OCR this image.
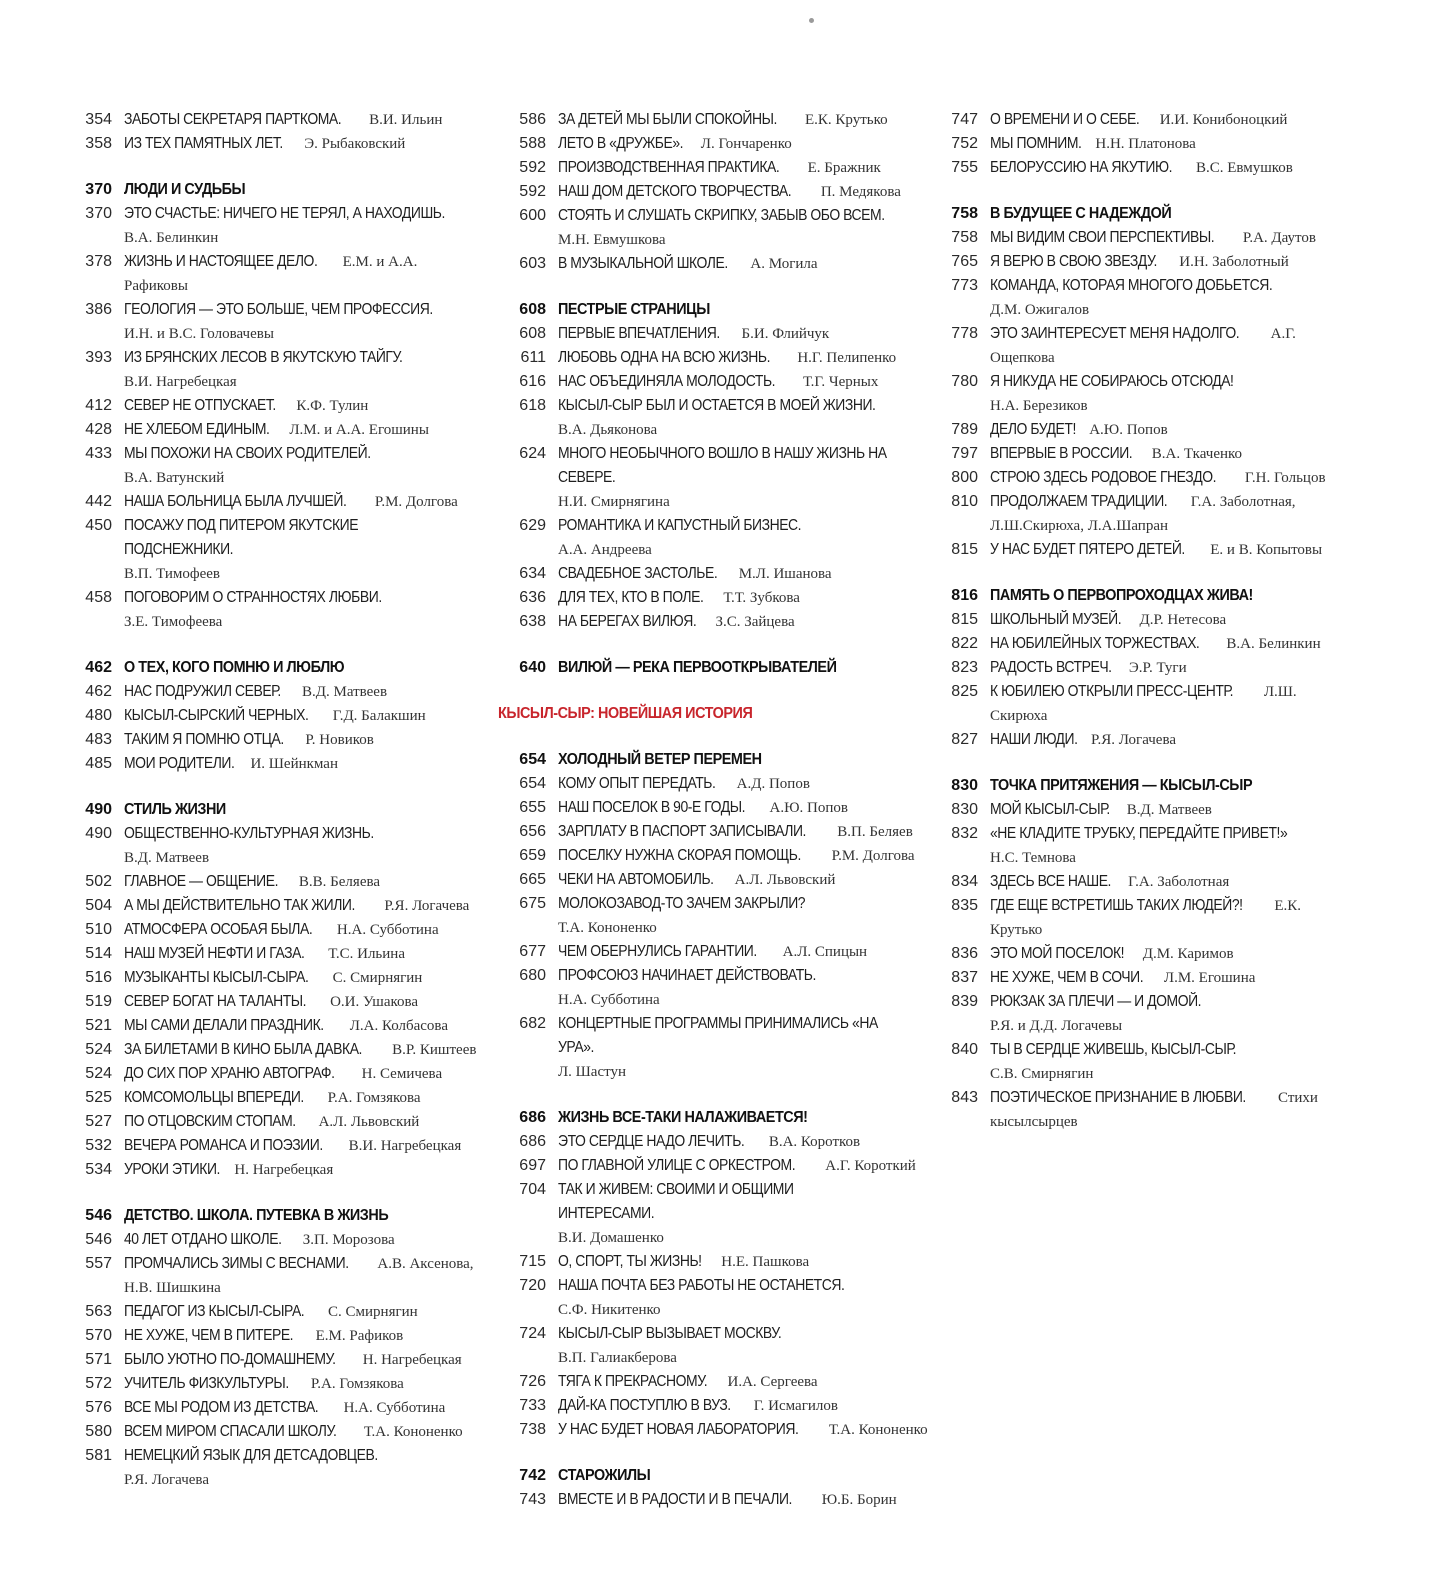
354 ЗАБОТЫ СЕКРЕТАРЯ ПАРТКОМА. В.И. Ильин
358 ИЗ ТЕХ ПАМЯТНЫХ ЛЕТ. Э. Рыбаковский
370 ЛЮДИ И СУДЬБЫ
370 ЭТО СЧАСТЬЕ: НИЧЕГО НЕ ТЕРЯЛ, А НАХОДИШЬ.
В.А. Белинкин
378 ЖИЗНЬ И НАСТОЯЩЕЕ ДЕЛО. Е.М. и А.А. Рафиковы
386 ГЕОЛОГИЯ — ЭТО БОЛЬШЕ, ЧЕМ ПРОФЕССИЯ.
И.Н. и В.С. Головачевы
393 ИЗ БРЯНСКИХ ЛЕСОВ В ЯКУТСКУЮ ТАЙГУ.
В.И. Нагребецкая
412 СЕВЕР НЕ ОТПУСКАЕТ. К.Ф. Тулин
428 НЕ ХЛЕБОМ ЕДИНЫМ. Л.М. и А.А. Егошины
433 МЫ ПОХОЖИ НА СВОИХ РОДИТЕЛЕЙ.
В.А. Ватунский
442 НАША БОЛЬНИЦА БЫЛА ЛУЧШЕЙ. Р.М. Долгова
450 ПОСАЖУ ПОД ПИТЕРОМ ЯКУТСКИЕ ПОДСНЕЖНИКИ.
В.П. Тимофеев
458 ПОГОВОРИМ О СТРАННОСТЯХ ЛЮБВИ.
З.Е. Тимофеева
462 О ТЕХ, КОГО ПОМНЮ И ЛЮБЛЮ
462 НАС ПОДРУЖИЛ СЕВЕР. В.Д. Матвеев
480 КЫСЫЛ-СЫРСКИЙ ЧЕРНЫХ. Г.Д. Балакшин
483 ТАКИМ Я ПОМНЮ ОТЦА. Р. Новиков
485 МОИ РОДИТЕЛИ. И. Шейнкман
490 СТИЛЬ ЖИЗНИ
490 ОБЩЕСТВЕННО-КУЛЬТУРНАЯ ЖИЗНЬ.
В.Д. Матвеев
502 ГЛАВНОЕ — ОБЩЕНИЕ. В.В. Беляева
504 А МЫ ДЕЙСТВИТЕЛЬНО ТАК ЖИЛИ. Р.Я. Логачева
510 АТМОСФЕРА ОСОБАЯ БЫЛА. Н.А. Субботина
514 НАШ МУЗЕЙ НЕФТИ И ГАЗА. Т.С. Ильина
516 МУЗЫКАНТЫ КЫСЫЛ-СЫРА. С. Смирнягин
519 СЕВЕР БОГАТ НА ТАЛАНТЫ. О.И. Ушакова
521 МЫ САМИ ДЕЛАЛИ ПРАЗДНИК. Л.А. Колбасова
524 ЗА БИЛЕТАМИ В КИНО БЫЛА ДАВКА. В.Р. Киштеев
524 ДО СИХ ПОР ХРАНЮ АВТОГРАФ. Н. Семичева
525 КОМСОМОЛЬЦЫ ВПЕРЕДИ. Р.А. Гомзякова
527 ПО ОТЦОВСКИМ СТОПАМ. А.Л. Львовский
532 ВЕЧЕРА РОМАНСА И ПОЭЗИИ. В.И. Нагребецкая
534 УРОКИ ЭТИКИ. Н. Нагребецкая
546 ДЕТСТВО. ШКОЛА. ПУТЕВКА В ЖИЗНЬ
546 40 ЛЕТ ОТДАНО ШКОЛЕ. З.П. Морозова
557 ПРОМЧАЛИСЬ ЗИМЫ С ВЕСНАМИ. А.В. Аксенова, Н.В. Шишкина
563 ПЕДАГОГ ИЗ КЫСЫЛ-СЫРА. С. Смирнягин
570 НЕ ХУЖЕ, ЧЕМ В ПИТЕРЕ. Е.М. Рафиков
571 БЫЛО УЮТНО ПО-ДОМАШНЕМУ. Н. Нагребецкая
572 УЧИТЕЛЬ ФИЗКУЛЬТУРЫ. Р.А. Гомзякова
576 ВСЕ МЫ РОДОМ ИЗ ДЕТСТВА. Н.А. Субботина
580 ВСЕМ МИРОМ СПАСАЛИ ШКОЛУ. Т.А. Кононенко
581 НЕМЕЦКИЙ ЯЗЫК ДЛЯ ДЕТСАДОВЦЕВ.
Р.Я. Логачева
586 ЗА ДЕТЕЙ МЫ БЫЛИ СПОКОЙНЫ. Е.К. Крутько
588 ЛЕТО В «ДРУЖБЕ». Л. Гончаренко
592 ПРОИЗВОДСТВЕННАЯ ПРАКТИКА. Е. Бражник
592 НАШ ДОМ ДЕТСКОГО ТВОРЧЕСТВА. П. Медякова
600 СТОЯТЬ И СЛУШАТЬ СКРИПКУ, ЗАБЫВ ОБО ВСЕМ.
М.Н. Евмушкова
603 В МУЗЫКАЛЬНОЙ ШКОЛЕ. А. Могила
608 ПЕСТРЫЕ СТРАНИЦЫ
608 ПЕРВЫЕ ВПЕЧАТЛЕНИЯ. Б.И. Флийчук
611 ЛЮБОВЬ ОДНА НА ВСЮ ЖИЗНЬ. Н.Г. Пелипенко
616 НАС ОБЪЕДИНЯЛА МОЛОДОСТЬ. Т.Г. Черных
618 КЫСЫЛ-СЫР БЫЛ И ОСТАЕТСЯ В МОЕЙ ЖИЗНИ.
В.А. Дьяконова
624 МНОГО НЕОБЫЧНОГО ВОШЛО В НАШУ ЖИЗНЬ НА СЕВЕРЕ. Н.И. Смирнягина
629 РОМАНТИКА И КАПУСТНЫЙ БИЗНЕС.
А.А. Андреева
634 СВАДЕБНОЕ ЗАСТОЛЬЕ. М.Л. Ишанова
636 ДЛЯ ТЕХ, КТО В ПОЛЕ. Т.Т. Зубкова
638 НА БЕРЕГАХ ВИЛЮЯ. З.С. Зайцева
640 ВИЛЮЙ — РЕКА ПЕРВООТКРЫВАТЕЛЕЙ
КЫСЫЛ-СЫР: НОВЕЙШАЯ ИСТОРИЯ
654 ХОЛОДНЫЙ ВЕТЕР ПЕРЕМЕН
654 КОМУ ОПЫТ ПЕРЕДАТЬ. А.Д. Попов
655 НАШ ПОСЕЛОК В 90-Е ГОДЫ. А.Ю. Попов
656 ЗАРПЛАТУ В ПАСПОРТ ЗАПИСЫВАЛИ. В.П. Беляев
659 ПОСЕЛКУ НУЖНА СКОРАЯ ПОМОЩЬ. Р.М. Долгова
665 ЧЕКИ НА АВТОМОБИЛЬ. А.Л. Львовский
675 МОЛОКОЗАВОД-ТО ЗАЧЕМ ЗАКРЫЛИ?
Т.А. Кононенко
677 ЧЕМ ОБЕРНУЛИСЬ ГАРАНТИИ. А.Л. Спицын
680 ПРОФСОЮЗ НАЧИНАЕТ ДЕЙСТВОВАТЬ.
Н.А. Субботина
682 КОНЦЕРТНЫЕ ПРОГРАММЫ ПРИНИМАЛИСЬ «НА УРА». Л. Шастун
686 ЖИЗНЬ ВСЕ-ТАКИ НАЛАЖИВАЕТСЯ!
686 ЭТО СЕРДЦЕ НАДО ЛЕЧИТЬ. В.А. Коротков
697 ПО ГЛАВНОЙ УЛИЦЕ С ОРКЕСТРОМ. А.Г. Короткий
704 ТАК И ЖИВЕМ: СВОИМИ И ОБЩИМИ ИНТЕРЕСАМИ.
В.И. Домашенко
715 О, СПОРТ, ТЫ ЖИЗНЬ! Н.Е. Пашкова
720 НАША ПОЧТА БЕЗ РАБОТЫ НЕ ОСТАНЕТСЯ.
С.Ф. Никитенко
724 КЫСЫЛ-СЫР ВЫЗЫВАЕТ МОСКВУ.
В.П. Галиакберова
726 ТЯГА К ПРЕКРАСНОМУ. И.А. Сергеева
733 ДАЙ-КА ПОСТУПЛЮ В ВУЗ. Г. Исмагилов
738 У НАС БУДЕТ НОВАЯ ЛАБОРАТОРИЯ. Т.А. Кононенко
742 СТАРОЖИЛЫ
743 ВМЕСТЕ И В РАДОСТИ И В ПЕЧАЛИ. Ю.Б. Борин
747 О ВРЕМЕНИ И О СЕБЕ. И.И. Конибоноцкий
752 МЫ ПОМНИМ. Н.Н. Платонова
755 БЕЛОРУССИЮ НА ЯКУТИЮ. В.С. Евмушков
758 В БУДУЩЕЕ С НАДЕЖДОЙ
758 МЫ ВИДИМ СВОИ ПЕРСПЕКТИВЫ. Р.А. Даутов
765 Я ВЕРЮ В СВОЮ ЗВЕЗДУ. И.Н. Заболотный
773 КОМАНДА, КОТОРАЯ МНОГОГО ДОБЬЕТСЯ.
Д.М. Ожигалов
778 ЭТО ЗАИНТЕРЕСУЕТ МЕНЯ НАДОЛГО. А.Г. Ощепкова
780 Я НИКУДА НЕ СОБИРАЮСЬ ОТСЮДА!
Н.А. Березиков
789 ДЕЛО БУДЕТ! А.Ю. Попов
797 ВПЕРВЫЕ В РОССИИ. В.А. Ткаченко
800 СТРОЮ ЗДЕСЬ РОДОВОЕ ГНЕЗДО. Г.Н. Гольцов
810 ПРОДОЛЖАЕМ ТРАДИЦИИ. Г.А. Заболотная, Л.Ш.Скирюха, Л.А.Шапран
815 У НАС БУДЕТ ПЯТЕРО ДЕТЕЙ. Е. и В. Копытовы
816 ПАМЯТЬ О ПЕРВОПРОХОДЦАХ ЖИВА!
815 ШКОЛЬНЫЙ МУЗЕЙ. Д.Р. Нетесова
822 НА ЮБИЛЕЙНЫХ ТОРЖЕСТВАХ. В.А. Белинкин
823 РАДОСТЬ ВСТРЕЧ. Э.Р. Туги
825 К ЮБИЛЕЮ ОТКРЫЛИ ПРЕСС-ЦЕНТР. Л.Ш. Скирюха
827 НАШИ ЛЮДИ. Р.Я. Логачева
830 ТОЧКА ПРИТЯЖЕНИЯ — КЫСЫЛ-СЫР
830 МОЙ КЫСЫЛ-СЫР. В.Д. Матвеев
832 «НЕ КЛАДИТЕ ТРУБКУ, ПЕРЕДАЙТЕ ПРИВЕТ!»
Н.С. Темнова
834 ЗДЕСЬ ВСЕ НАШЕ. Г.А. Заболотная
835 ГДЕ ЕЩЕ ВСТРЕТИШЬ ТАКИХ ЛЮДЕЙ?! Е.К. Крутько
836 ЭТО МОЙ ПОСЕЛОК! Д.М. Каримов
837 НЕ ХУЖЕ, ЧЕМ В СОЧИ. Л.М. Егошина
839 РЮКЗАК ЗА ПЛЕЧИ — И ДОМОЙ.
Р.Я. и Д.Д. Логачевы
840 ТЫ В СЕРДЦЕ ЖИВЕШЬ, КЫСЫЛ-СЫР.
С.В. Смирнягин
843 ПОЭТИЧЕСКОЕ ПРИЗНАНИЕ В ЛЮБВИ. Стихи кысылсырцев
